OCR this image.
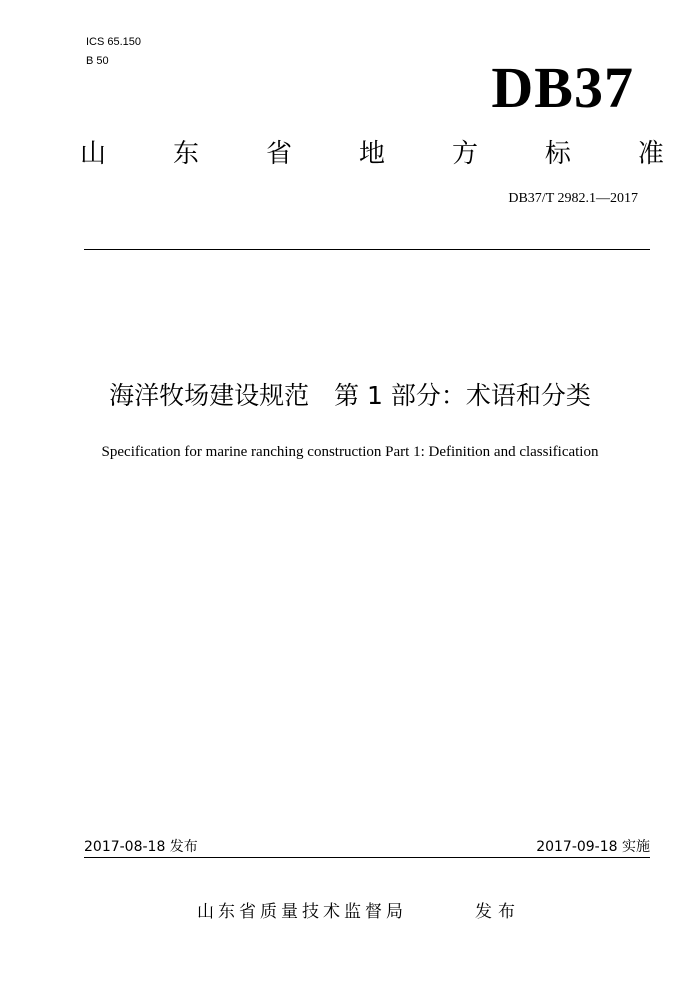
ICS 65.150
B 50	DB37
山	东	省	地	方	标	准
DB37/T 2982.1—2017
海洋牧场建设规范　第 1 部分：术语和分类
Specification for marine ranching construction Part 1: Definition and classification
2017-08-18 发布	2017-09-18 实施
山东省质量技术监督局	发布
